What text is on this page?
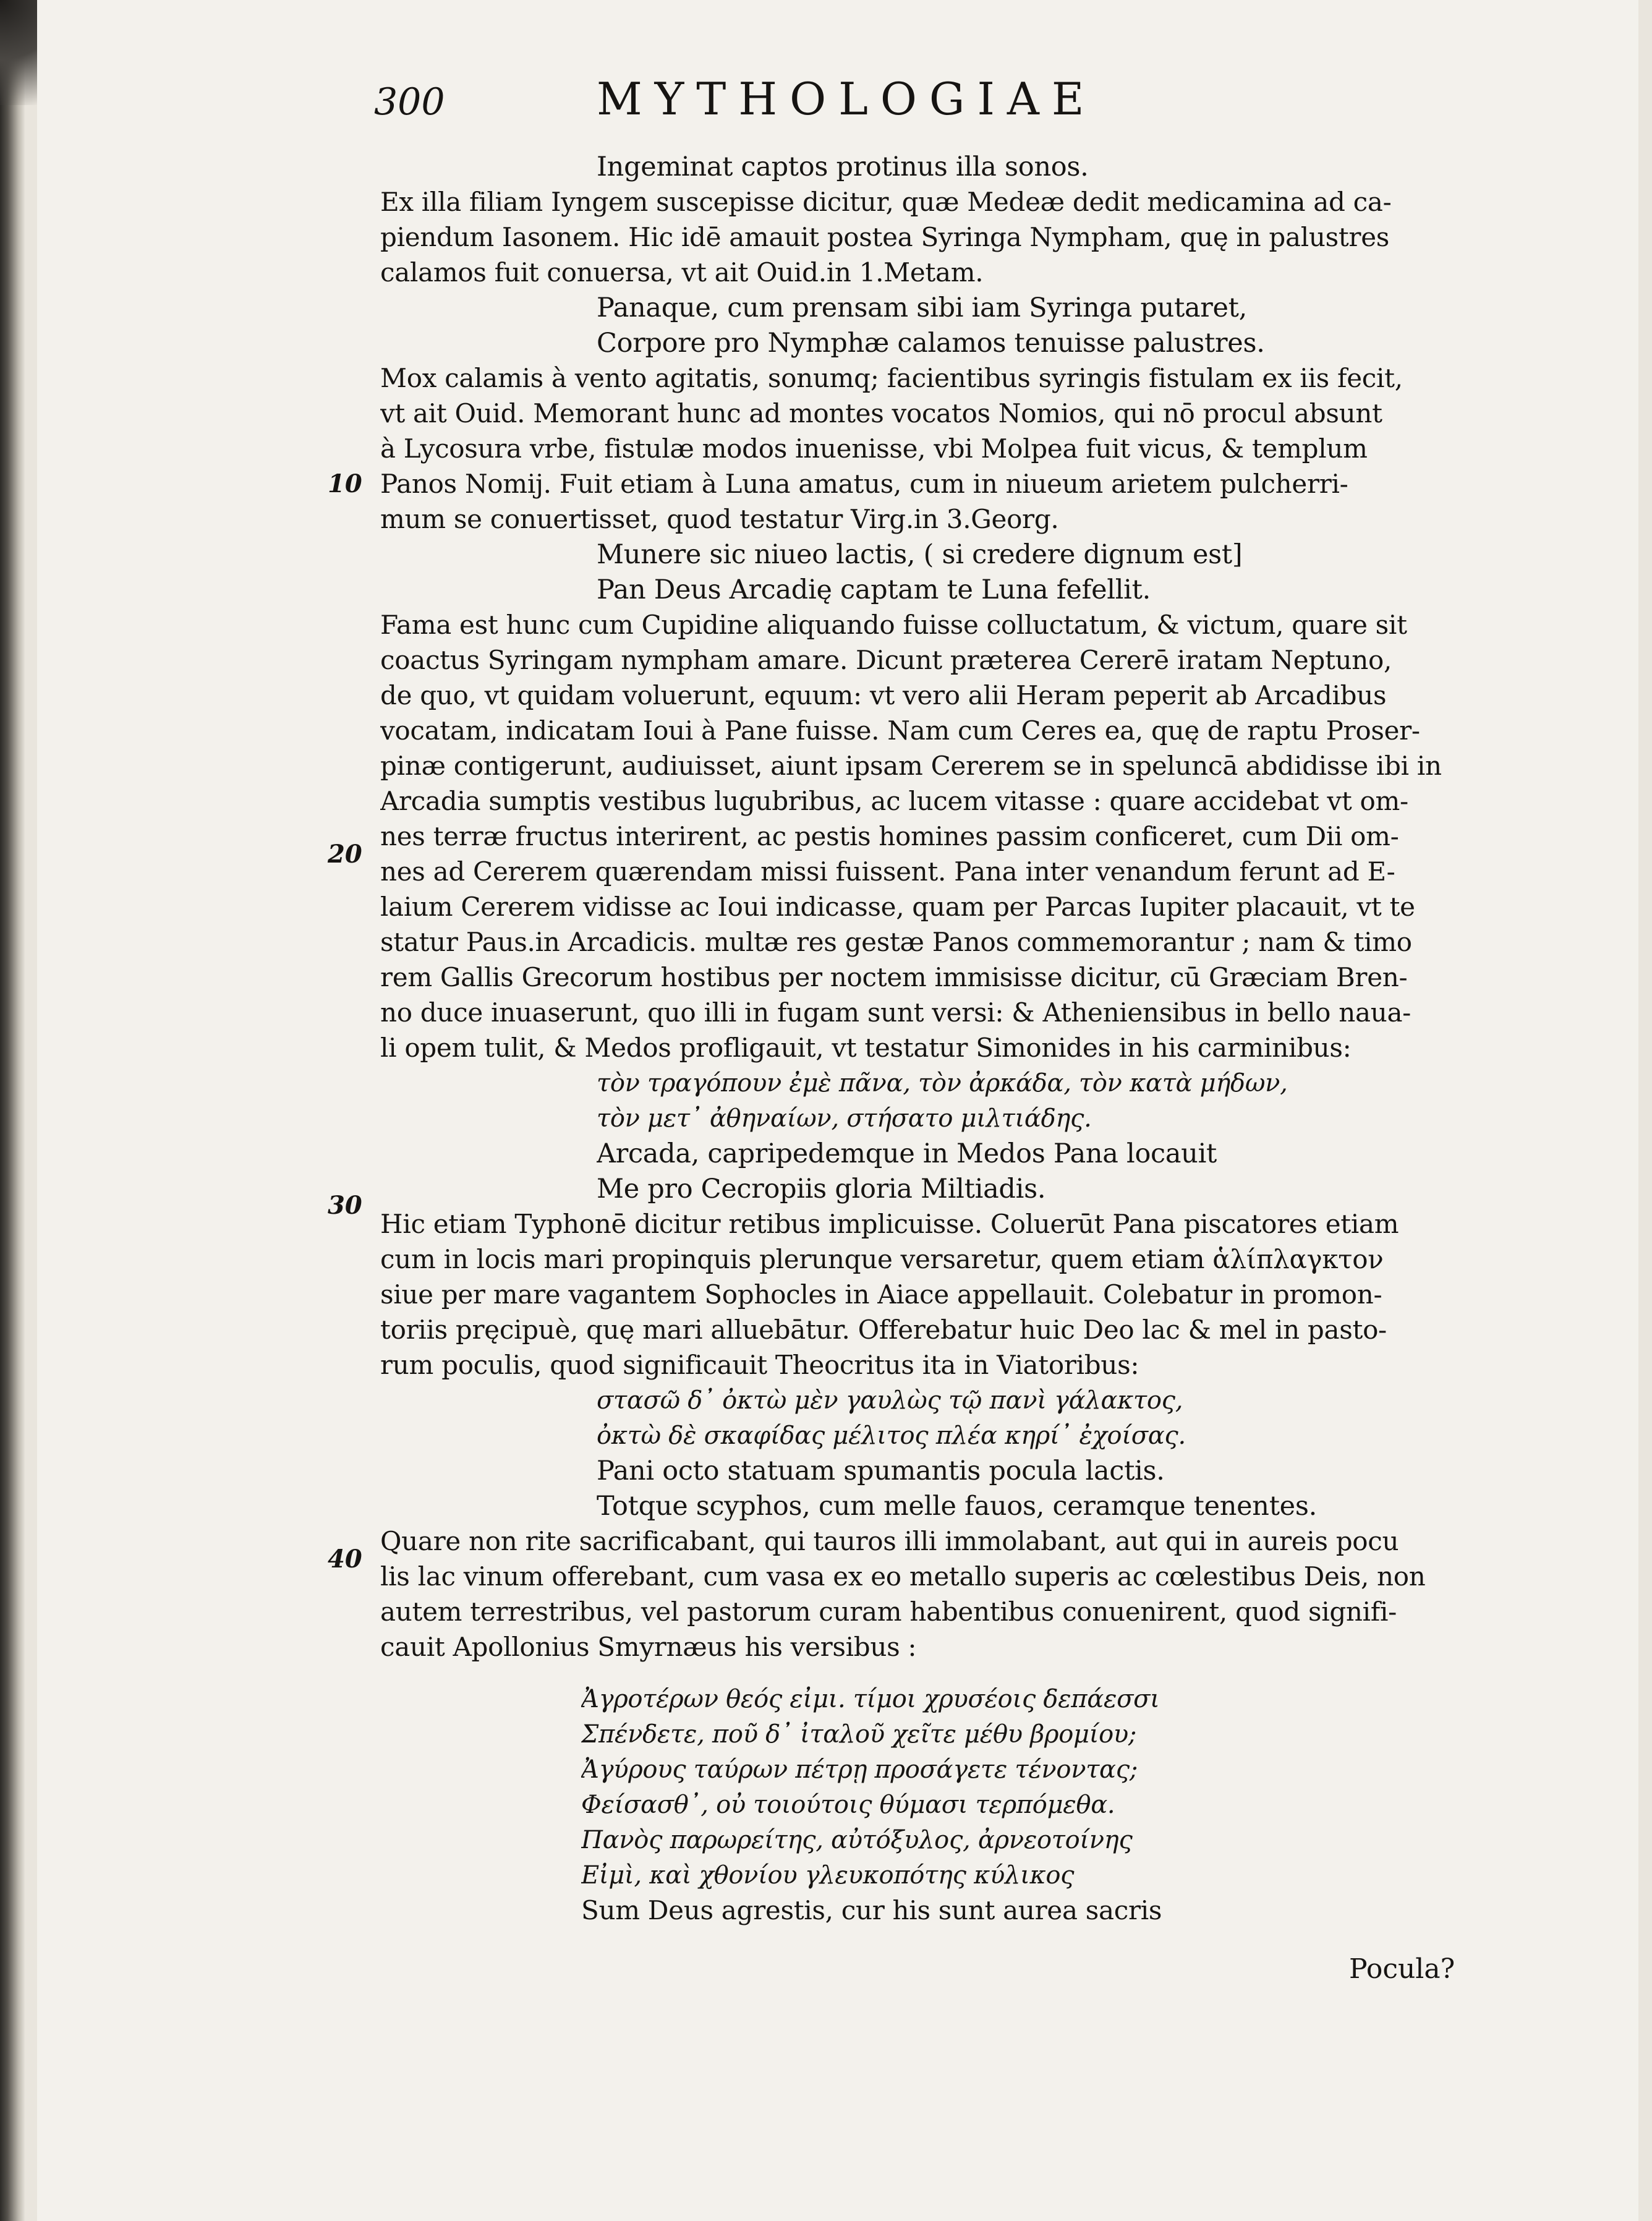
300	MYTHOLOGIAE
Ingeminat captos protinus illa sonos.
Ex illa filiam Iyngem suscepisse dicitur, quæ Medeæ dedit medicamina ad ca-
piendum Iasonem. Hic idē amauit postea Syringa Nympham, quę in palustres
calamos fuit conuersa, vt ait Ouid.in 1.Metam.
Panaque, cum prensam sibi iam Syringa putaret,
Corpore pro Nymphæ calamos tenuisse palustres.
Mox calamis à vento agitatis, sonumq; facientibus syringis fistulam ex iis fecit,
vt ait Ouid. Memorant hunc ad montes vocatos Nomios, qui nō procul absunt
à Lycosura vrbe, fistulæ modos inuenisse, vbi Molpea fuit vicus, & templum
Panos Nomij. Fuit etiam à Luna amatus, cum in niueum arietem pulcherri-
mum se conuertisset, quod testatur Virg.in 3.Georg.
Munere sic niueo lactis, ( si credere dignum est]
Pan Deus Arcadię captam te Luna fefellit.
Fama est hunc cum Cupidine aliquando fuisse colluctatum, & victum, quare sit
coactus Syringam nympham amare. Dicunt præterea Cererē iratam Neptuno,
de quo, vt quidam voluerunt, equum: vt vero alii Heram peperit ab Arcadibus
vocatam, indicatam Ioui à Pane fuisse. Nam cum Ceres ea, quę de raptu Proser-
pinæ contigerunt, audiuisset, aiunt ipsam Cererem se in speluncā abdidisse ibi in
Arcadia sumptis vestibus lugubribus, ac lucem vitasse : quare accidebat vt om-
nes terræ fructus interirent, ac pestis homines passim conficeret, cum Dii om-
nes ad Cererem quærendam missi fuissent. Pana inter venandum ferunt ad E-
laium Cererem vidisse ac Ioui indicasse, quam per Parcas Iupiter placauit, vt te
statur Paus.in Arcadicis. multæ res gestæ Panos commemorantur ; nam & timo
rem Gallis Grecorum hostibus per noctem immisisse dicitur, cū Græciam Bren-
no duce inuaserunt, quo illi in fugam sunt versi: & Atheniensibus in bello naua-
li opem tulit, & Medos profligauit, vt testatur Simonides in his carminibus:
τὸν τραγόπουν ἐμὲ πᾶνα, τὸν ἀρκάδα, τὸν κατὰ μήδων,
τὸν μετ᾽ ἀθηναίων, στήσατο μιλτιάδης.
Arcada, capripedemque in Medos Pana locauit
Me pro Cecropiis gloria Miltiadis.
Hic etiam Typhonē dicitur retibus implicuisse. Coluerūt Pana piscatores etiam
cum in locis mari propinquis plerunque versaretur, quem etiam ἁλίπλαγκτον
siue per mare vagantem Sophocles in Aiace appellauit. Colebatur in promon-
toriis pręcipuè, quę mari alluebātur. Offerebatur huic Deo lac & mel in pasto-
rum poculis, quod significauit Theocritus ita in Viatoribus:
στασῶ δ᾽ ὀκτὼ μὲν γαυλὼς τῷ πανὶ γάλακτος,
ὀκτὼ δὲ σκαφίδας μέλιτος πλέα κηρί᾽ ἐχοίσας.
Pani octo statuam spumantis pocula lactis.
Totque scyphos, cum melle fauos, ceramque tenentes.
Quare non rite sacrificabant, qui tauros illi immolabant, aut qui in aureis pocu
lis lac vinum offerebant, cum vasa ex eo metallo superis ac cœlestibus Deis, non
autem terrestribus, vel pastorum curam habentibus conuenirent, quod signifi-
cauit Apollonius Smyrnæus his versibus :
Ἀγροτέρων θεός εἰμι. τίμοι χρυσέοις δεπάεσσι
Σπένδετε, ποῦ δ᾽ ἰταλοῦ χεῖτε μέθυ βρομίου;
Ἀγύρους ταύρων πέτρῃ προσάγετε τένοντας;
Φείσασθ᾽, οὐ τοιούτοις θύμασι τερπόμεθα.
Πανὸς παρωρείτης, αὐτόξυλος, ἀρνεοτοίνης
Εἰμὶ, καὶ χθονίου γλευκοπότης κύλικος
Sum Deus agrestis, cur his sunt aurea sacris
10
20
30
40
Pocula?
